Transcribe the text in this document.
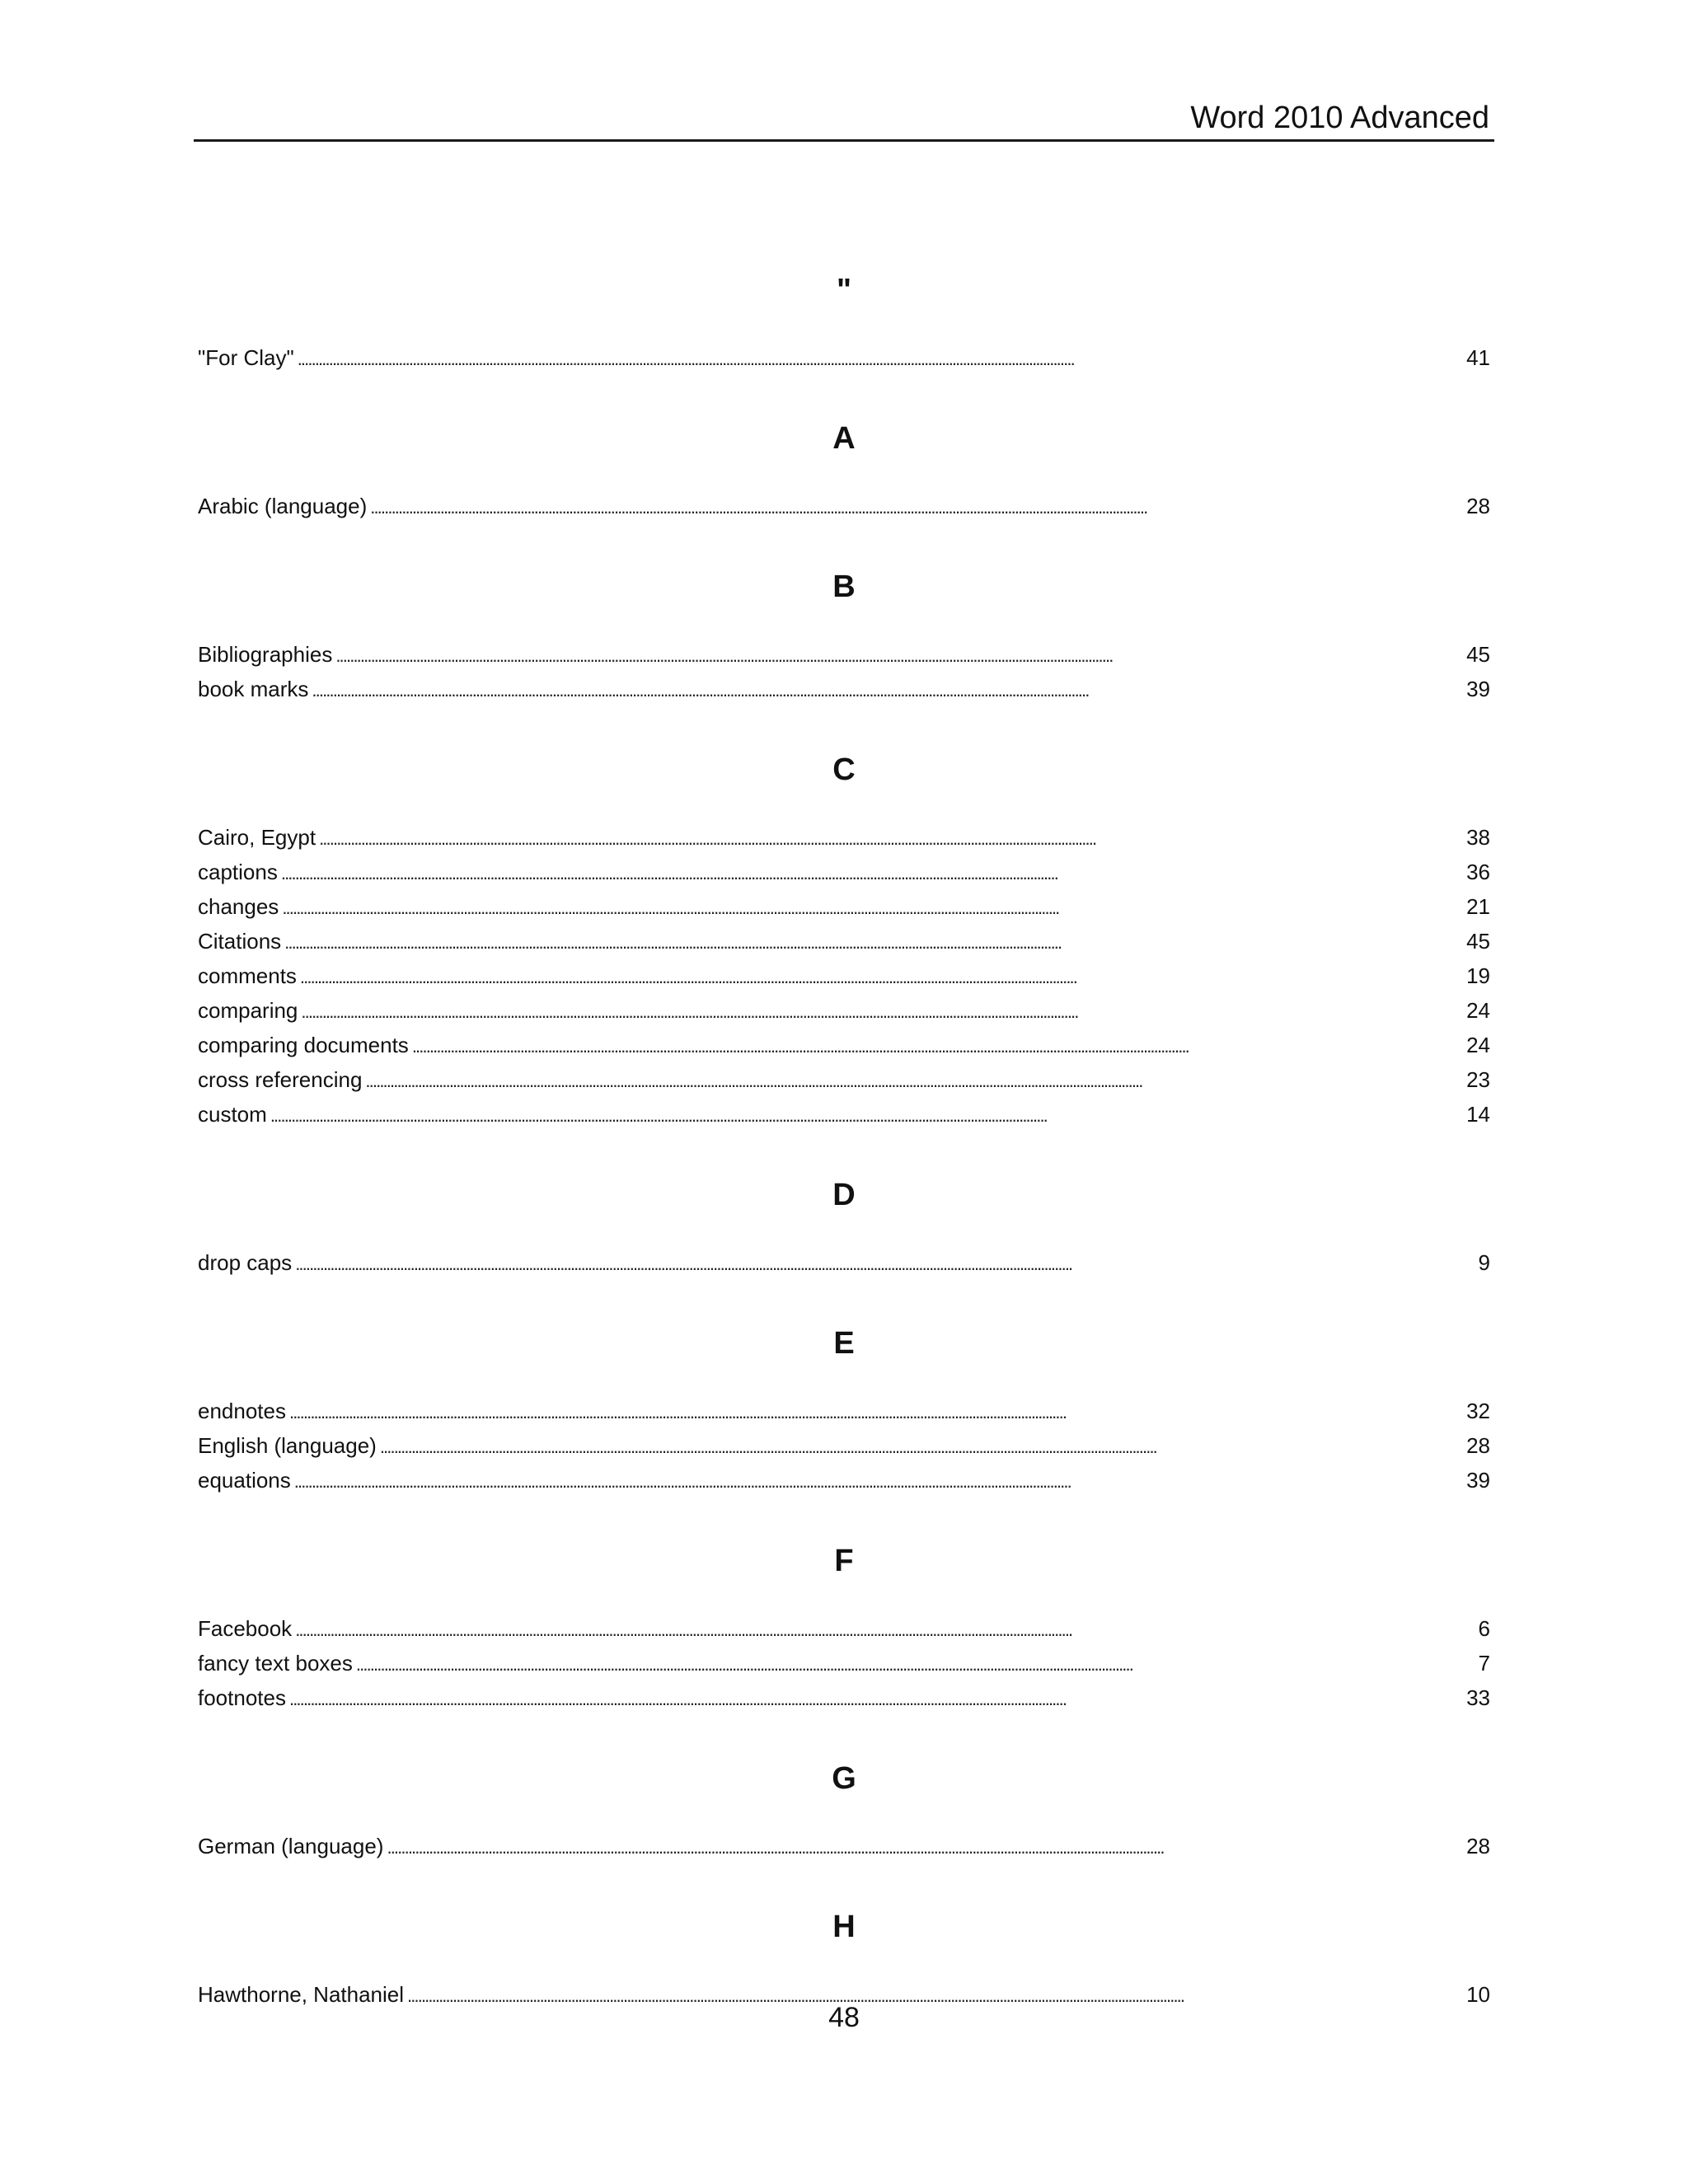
Word 2010 Advanced
"
"For Clay" . . .	41
A
Arabic (language) . . .	28
B
Bibliographies . . .	45
book marks . . .	39
C
Cairo, Egypt . . .	38
captions . . .	36
changes . . .	21
Citations . . .	45
comments . . .	19
comparing . . .	24
comparing documents . . .	24
cross referencing . . .	23
custom . . .	14
D
drop caps . . .	9
E
endnotes . . .	32
English (language) . . .	28
equations . . .	39
F
Facebook . . .	6
fancy text boxes . . .	7
footnotes . . .	33
G
German (language) . . .	28
H
Hawthorne, Nathaniel . . .	10
48
